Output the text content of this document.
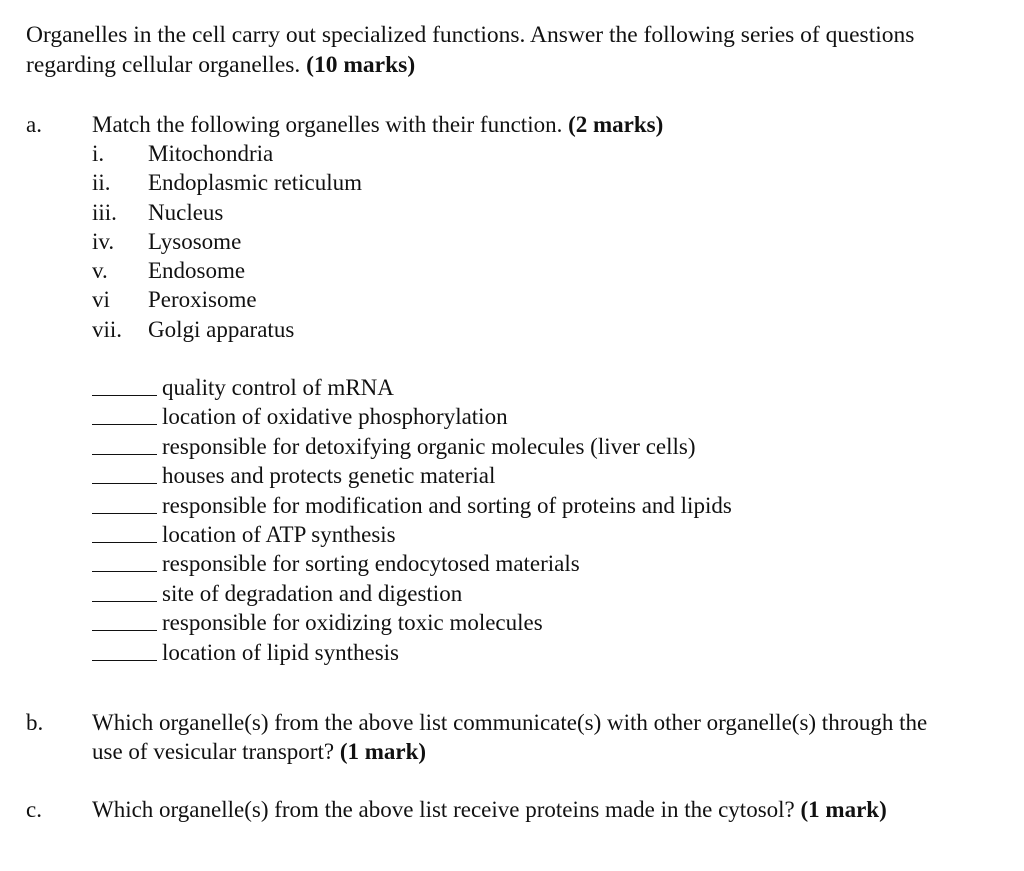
Organelles in the cell carry out specialized functions. Answer the following series of questions regarding cellular organelles. (10 marks)
a. Match the following organelles with their function. (2 marks)
i. Mitochondria
ii. Endoplasmic reticulum
iii. Nucleus
iv. Lysosome
v. Endosome
vi Peroxisome
vii. Golgi apparatus
quality control of mRNA
location of oxidative phosphorylation
responsible for detoxifying organic molecules (liver cells)
houses and protects genetic material
responsible for modification and sorting of proteins and lipids
location of ATP synthesis
responsible for sorting endocytosed materials
site of degradation and digestion
responsible for oxidizing toxic molecules
location of lipid synthesis
b. Which organelle(s) from the above list communicate(s) with other organelle(s) through the use of vesicular transport? (1 mark)
c. Which organelle(s) from the above list receive proteins made in the cytosol? (1 mark)
